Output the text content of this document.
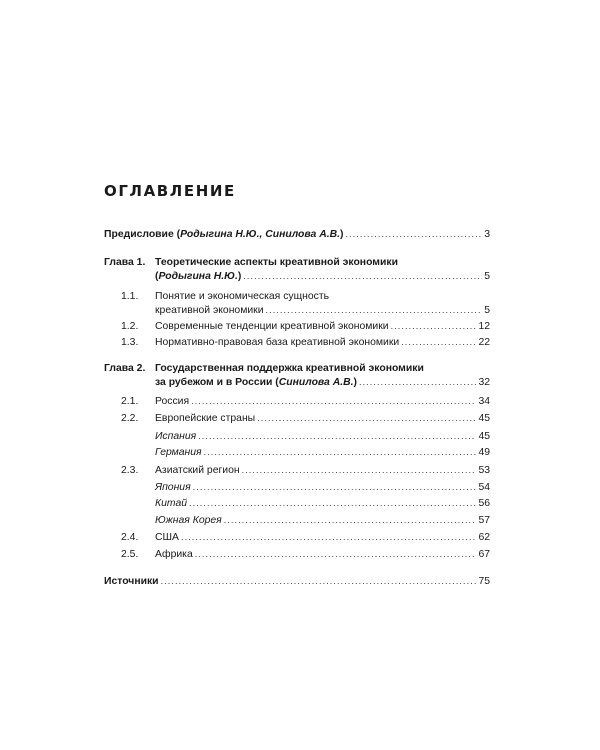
ОГЛАВЛЕНИЕ
Предисловие (Родыгина Н.Ю., Синилова А.В.) .....	3
Глава 1. Теоретические аспекты креативной экономики
(Родыгина Н.Ю.) .....	5
1.1. Понятие и экономическая сущность
креативной экономики .....	5
1.2. Современные тенденции креативной экономики .....	12
1.3. Нормативно-правовая база креативной экономики .....	22
Глава 2. Государственная поддержка креативной экономики
за рубежом и в России (Синилова А.В.) .....	32
2.1. Россия .....	34
2.2. Европейские страны .....	45
Испания .....	45
Германия .....	49
2.3. Азиатский регион .....	53
Япония .....	54
Китай .....	56
Южная Корея .....	57
2.4. США .....	62
2.5. Африка .....	67
Источники .....	75
